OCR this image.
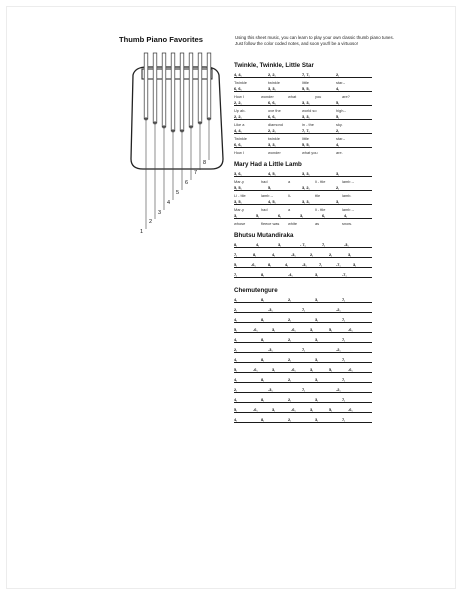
Thumb Piano Favorites	Using this sheet music, you can learn to play your own classic thumb piano tunes. Just follow the color coded notes, and soon you'll be a virtuoso!
1
2
3
4
5
6
7
8
Twinkle, Twinkle, Little Star
4, 4,	2, 2,	7, 7,	2,
Twinkle	twinkle	little	star--
6, 6,	3, 3,	5, 5,	4,
How I	wonder	what	you	are?
2, 2,	6, 6,	3, 3,	5,
Up ab-	ove the	world so	high--
2, 2,	6, 6,	3, 3,	5,
Like a	diamond	in - the	sky.
4, 4,	2, 2,	7, 7,	2,
Twinkle	twinkle	little	star--
6, 6,	3, 3,	5, 5,	4,
How I	wonder	what you	are.
Mary Had a Little Lamb
3, 6,	4, 5,	3, 3,	3,
Mar-y	had	a	li - ttle	lamb --
5, 5,	5,	3, 2,	2,
Li - ttle	lamb --	li-	ttle	lamb.
3, 5,	4, 5,	3, 3,	3,
Mar-y	had	a	li - ttle	lamb --
3,	5,	6,	3,	6,	4,
whose	fleece was	white	as	snow.
Bhutsu Mutandiraka
8,	4,	3,	- 7,	7,	-3,
7,	8,	4,	-3,	2,	2,	3,
5,	-6,	8,	4,	-3,	7,	-7,	3,
7,	8,	-4,	3,	-7,
Chemutengure
4,	8,	2,	3,	7,
2,	-3,	7,	-2,
4,	8,	2,	3,	7,
5,	-6,	3,	-6,	3,	5,	-6,
4,	8,	2,	3,	7,
2,	-3,	7,	-2,
4,	8,	2,	3,	7,
5,	-6,	3,	-6,	3,	5,	-6,
4,	8,	2,	3,	7,
2,	-3,	7,	-2,
4,	8,	2,	3,	7,
5,	-6,	3,	-6,	3,	5,	-6,
4,	8,	2,	3,	7,
